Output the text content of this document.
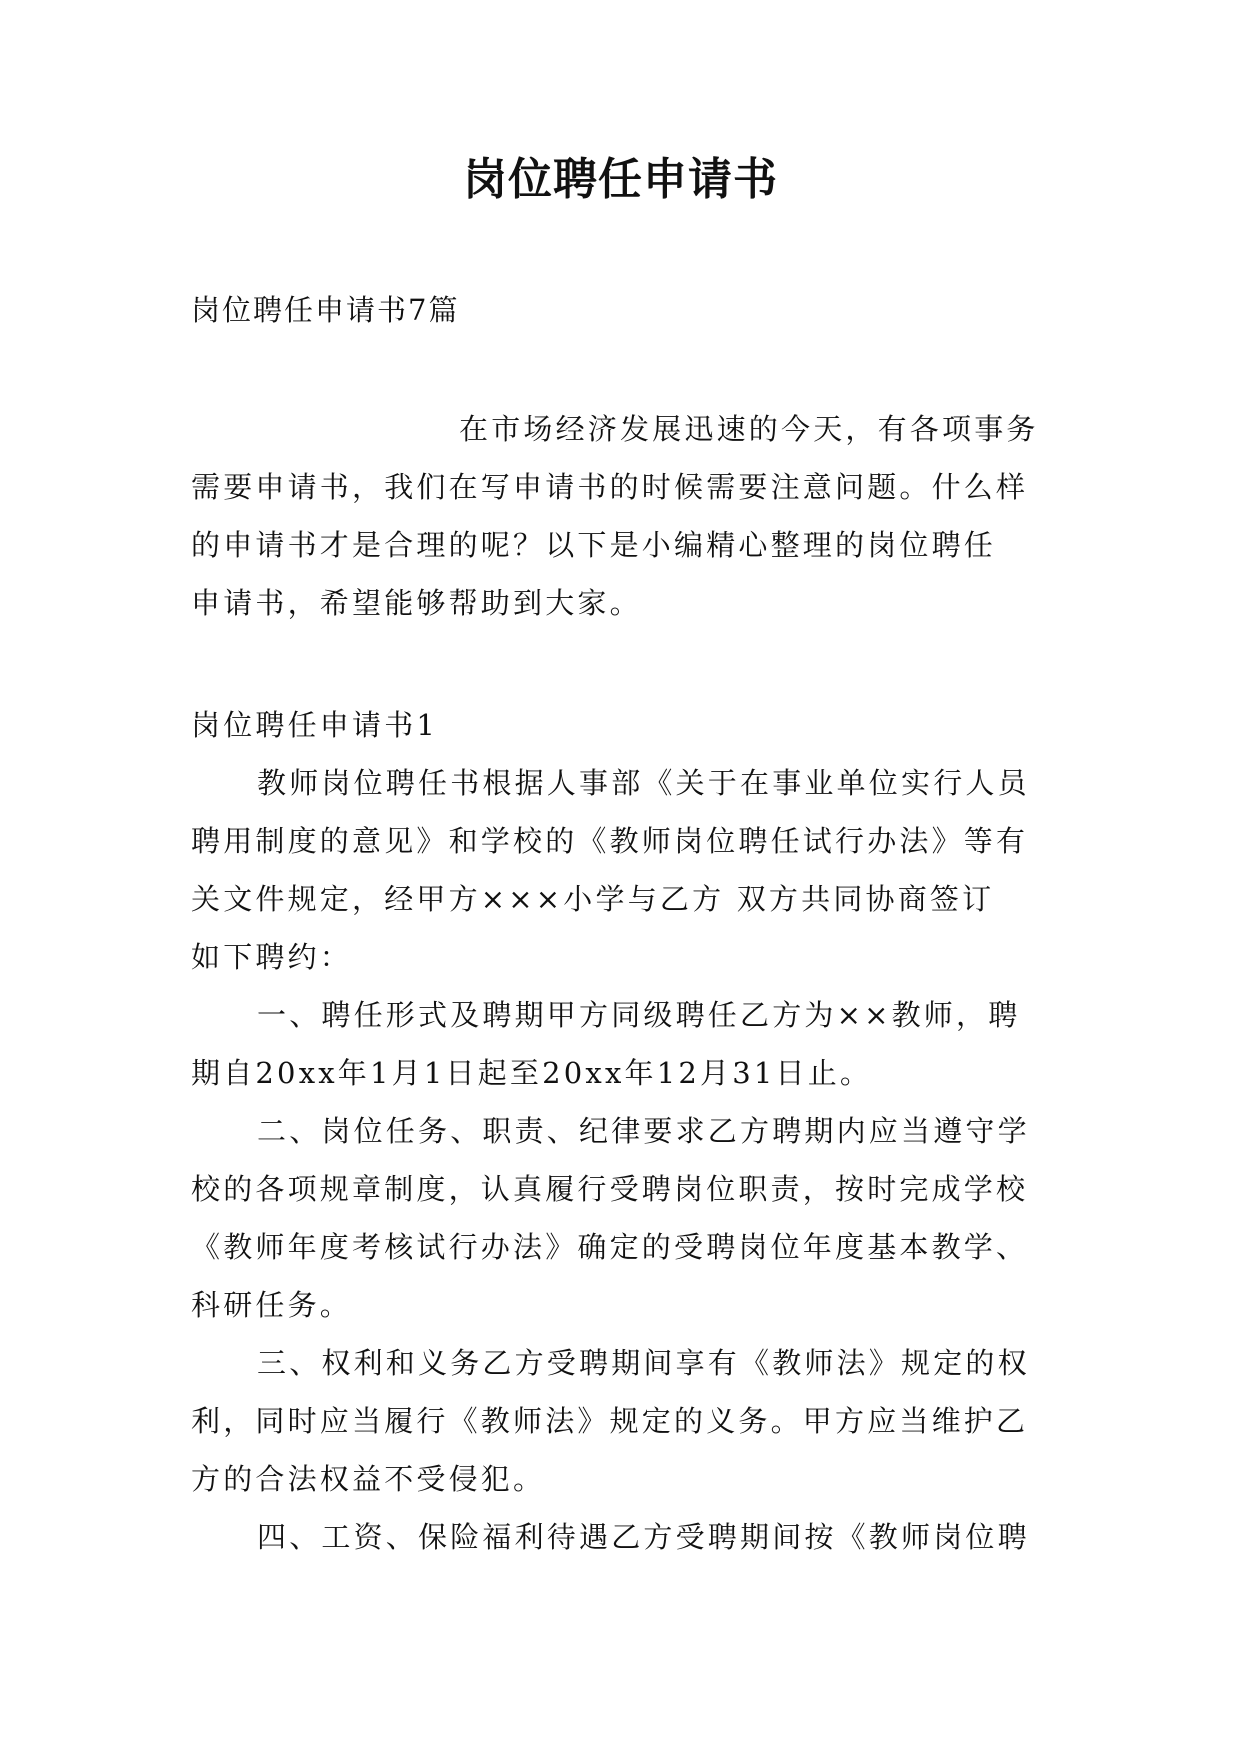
岗位聘任申请书
岗位聘任申请书7篇
在市场经济发展迅速的今天，有各项事务
需要申请书，我们在写申请书的时候需要注意问题。什么样
的申请书才是合理的呢？以下是小编精心整理的岗位聘任
申请书，希望能够帮助到大家。
岗位聘任申请书1
教师岗位聘任书根据人事部《关于在事业单位实行人员
聘用制度的意见》和学校的《教师岗位聘任试行办法》等有
关文件规定，经甲方×××小学与乙方 双方共同协商签订
如下聘约：
一、聘任形式及聘期甲方同级聘任乙方为××教师，聘
期自20xx年1月1日起至20xx年12月31日止。
二、岗位任务、职责、纪律要求乙方聘期内应当遵守学
校的各项规章制度，认真履行受聘岗位职责，按时完成学校
《教师年度考核试行办法》确定的受聘岗位年度基本教学、
科研任务。
三、权利和义务乙方受聘期间享有《教师法》规定的权
利，同时应当履行《教师法》规定的义务。甲方应当维护乙
方的合法权益不受侵犯。
四、工资、保险福利待遇乙方受聘期间按《教师岗位聘
